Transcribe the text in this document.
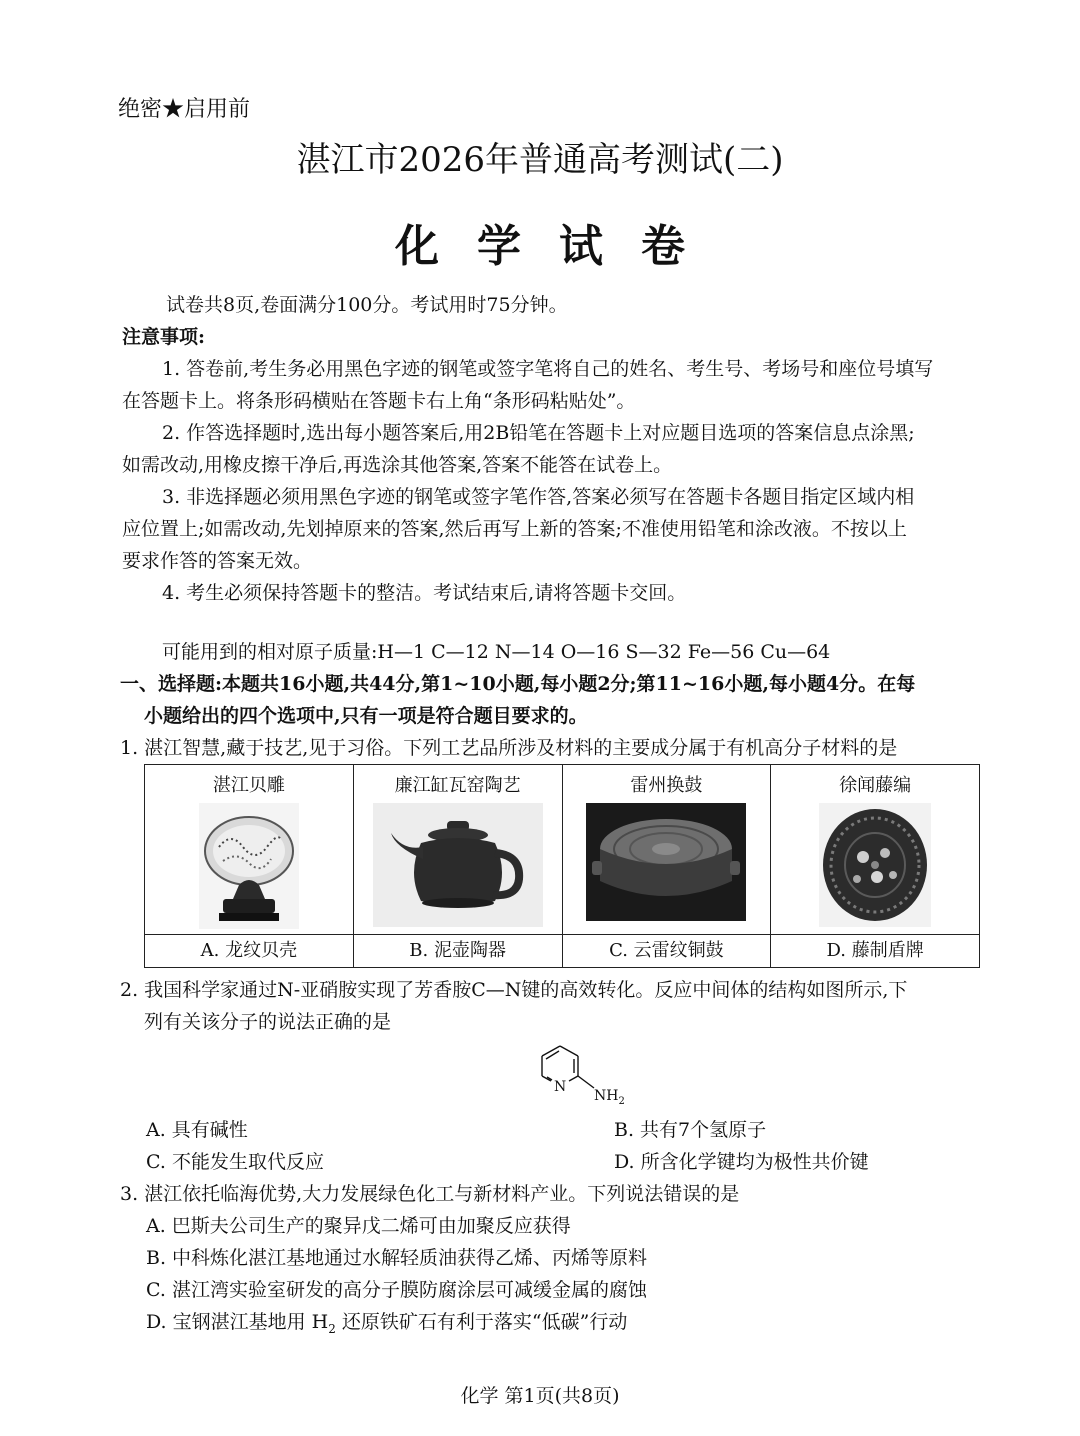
绝密★启用前
湛江市2026年普通高考测试(二)
化学试卷
试卷共8页,卷面满分100分。考试用时75分钟。
注意事项:
1. 答卷前,考生务必用黑色字迹的钢笔或签字笔将自己的姓名、考生号、考场号和座位号填写
在答题卡上。将条形码横贴在答题卡右上角“条形码粘贴处”。
2. 作答选择题时,选出每小题答案后,用2B铅笔在答题卡上对应题目选项的答案信息点涂黑;
如需改动,用橡皮擦干净后,再选涂其他答案,答案不能答在试卷上。
3. 非选择题必须用黑色字迹的钢笔或签字笔作答,答案必须写在答题卡各题目指定区域内相
应位置上;如需改动,先划掉原来的答案,然后再写上新的答案;不准使用铅笔和涂改液。不按以上
要求作答的答案无效。
4. 考生必须保持答题卡的整洁。考试结束后,请将答题卡交回。
可能用到的相对原子质量:H—1 C—12 N—14 O—16 S—32 Fe—56 Cu—64
一、选择题:本题共16小题,共44分,第1~10小题,每小题2分;第11~16小题,每小题4分。在每
小题给出的四个选项中,只有一项是符合题目要求的。
1. 湛江智慧,藏于技艺,见于习俗。下列工艺品所涉及材料的主要成分属于有机高分子材料的是
湛江贝雕	廉江缸瓦窑陶艺	雷州换鼓	徐闻藤编

A. 龙纹贝壳	B. 泥壶陶器	C. 云雷纹铜鼓	D. 藤制盾牌
2. 我国科学家通过N-亚硝胺实现了芳香胺C—N键的高效转化。反应中间体的结构如图所示,下
列有关该分子的说法正确的是
N
$NH_2$
A. 具有碱性	B. 共有7个氢原子
C. 不能发生取代反应	D. 所含化学键均为极性共价键
3. 湛江依托临海优势,大力发展绿色化工与新材料产业。下列说法错误的是
A. 巴斯夫公司生产的聚异戊二烯可由加聚反应获得
B. 中科炼化湛江基地通过水解轻质油获得乙烯、丙烯等原料
C. 湛江湾实验室研发的高分子膜防腐涂层可减缓金属的腐蚀
D. 宝钢湛江基地用 $H_2$ 还原铁矿石有利于落实“低碳”行动
化学 第1页(共8页)
